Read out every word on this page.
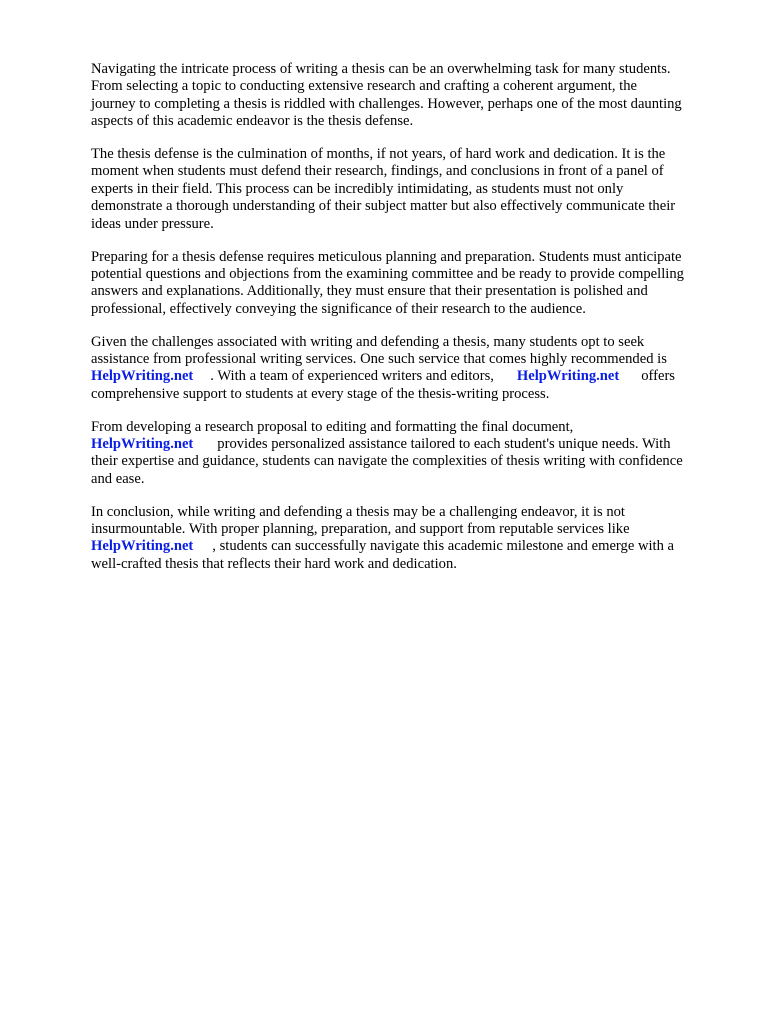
Navigating the intricate process of writing a thesis can be an overwhelming task for many students.
From selecting a topic to conducting extensive research and crafting a coherent argument, the
journey to completing a thesis is riddled with challenges. However, perhaps one of the most daunting
aspects of this academic endeavor is the thesis defense.
The thesis defense is the culmination of months, if not years, of hard work and dedication. It is the
moment when students must defend their research, findings, and conclusions in front of a panel of
experts in their field. This process can be incredibly intimidating, as students must not only
demonstrate a thorough understanding of their subject matter but also effectively communicate their
ideas under pressure.
Preparing for a thesis defense requires meticulous planning and preparation. Students must anticipate
potential questions and objections from the examining committee and be ready to provide compelling
answers and explanations. Additionally, they must ensure that their presentation is polished and
professional, effectively conveying the significance of their research to the audience.
Given the challenges associated with writing and defending a thesis, many students opt to seek
assistance from professional writing services. One such service that comes highly recommended is
HelpWriting.net . With a team of experienced writers and editors, HelpWriting.net offers
comprehensive support to students at every stage of the thesis-writing process.
From developing a research proposal to editing and formatting the final document,
HelpWriting.net provides personalized assistance tailored to each student's unique needs. With
their expertise and guidance, students can navigate the complexities of thesis writing with confidence
and ease.
In conclusion, while writing and defending a thesis may be a challenging endeavor, it is not
insurmountable. With proper planning, preparation, and support from reputable services like
HelpWriting.net , students can successfully navigate this academic milestone and emerge with a
well-crafted thesis that reflects their hard work and dedication.
